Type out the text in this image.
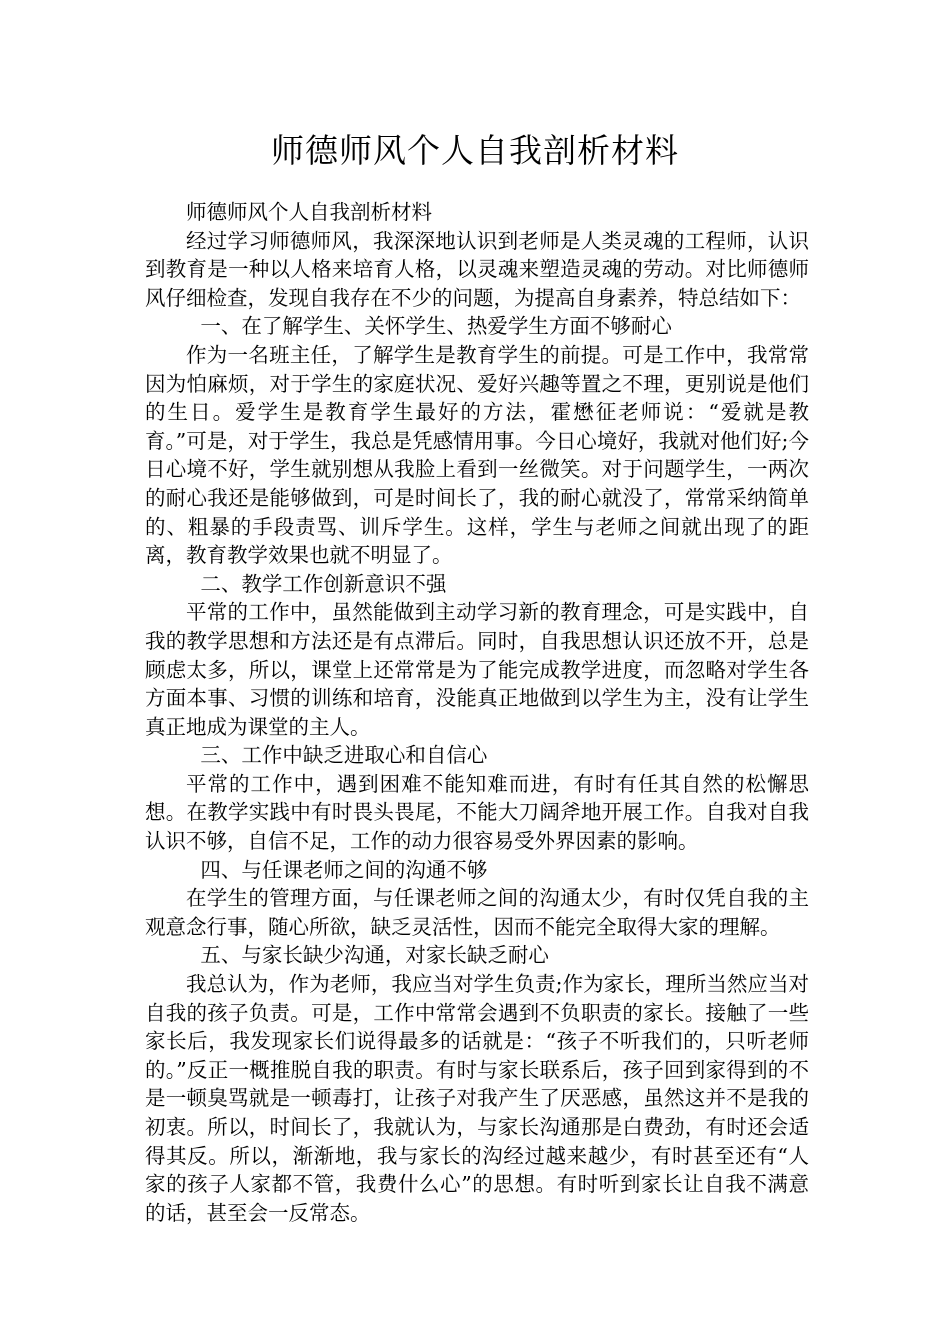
师德师风个人自我剖析材料

师德师风个人自我剖析材料

经过学习师德师风，我深深地认识到老师是人类灵魂的工程师，认识到教育是一种以人格来培育人格，以灵魂来塑造灵魂的劳动。对比师德师风仔细检查，发现自我存在不少的问题，为提高自身素养，特总结如下：

一、在了解学生、关怀学生、热爱学生方面不够耐心

作为一名班主任，了解学生是教育学生的前提。可是工作中，我常常因为怕麻烦，对于学生的家庭状况、爱好兴趣等置之不理，更别说是他们的生日。爱学生是教育学生最好的方法，霍懋征老师说：“爱就是教育。”可是，对于学生，我总是凭感情用事。今日心境好，我就对他们好;今日心境不好，学生就别想从我脸上看到一丝微笑。对于问题学生，一两次的耐心我还是能够做到，可是时间长了，我的耐心就没了，常常采纳简单的、粗暴的手段责骂、训斥学生。这样，学生与老师之间就出现了的距离，教育教学效果也就不明显了。

二、教学工作创新意识不强

平常的工作中，虽然能做到主动学习新的教育理念，可是实践中，自我的教学思想和方法还是有点滞后。同时，自我思想认识还放不开，总是顾虑太多，所以，课堂上还常常是为了能完成教学进度，而忽略对学生各方面本事、习惯的训练和培育，没能真正地做到以学生为主，没有让学生真正地成为课堂的主人。

三、工作中缺乏进取心和自信心

平常的工作中，遇到困难不能知难而进，有时有任其自然的松懈思想。在教学实践中有时畏头畏尾，不能大刀阔斧地开展工作。自我对自我认识不够，自信不足，工作的动力很容易受外界因素的影响。

四、与任课老师之间的沟通不够

在学生的管理方面，与任课老师之间的沟通太少，有时仅凭自我的主观意念行事，随心所欲，缺乏灵活性，因而不能完全取得大家的理解。

五、与家长缺少沟通，对家长缺乏耐心

我总认为，作为老师，我应当对学生负责;作为家长，理所当然应当对自我的孩子负责。可是，工作中常常会遇到不负职责的家长。接触了一些家长后，我发现家长们说得最多的话就是：“孩子不听我们的，只听老师的。”反正一概推脱自我的职责。有时与家长联系后，孩子回到家得到的不是一顿臭骂就是一顿毒打，让孩子对我产生了厌恶感，虽然这并不是我的初衷。所以，时间长了，我就认为，与家长沟通那是白费劲，有时还会适得其反。所以，渐渐地，我与家长的沟经过越来越少，有时甚至还有“人家的孩子人家都不管，我费什么心”的思想。有时听到家长让自我不满意的话，甚至会一反常态。
